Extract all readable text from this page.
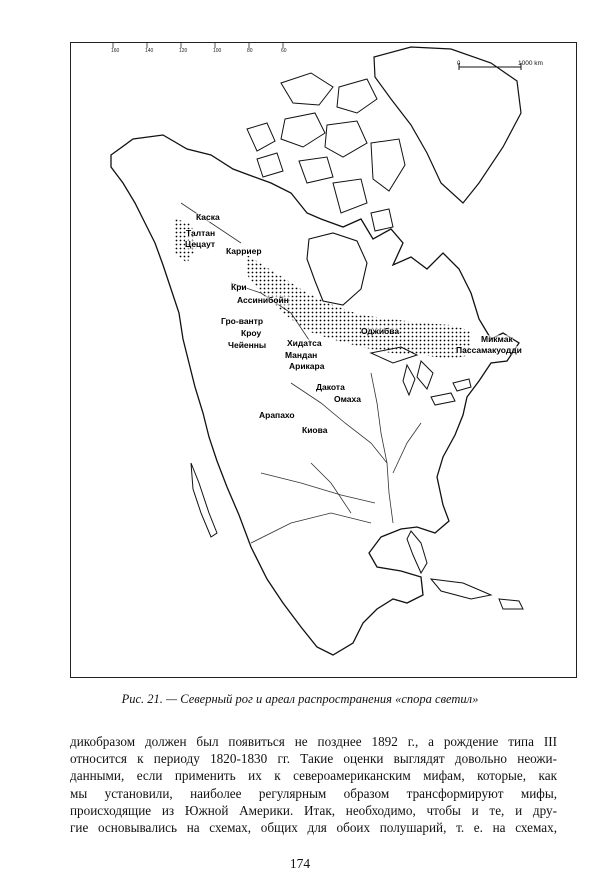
160	140	120	100	80	60
0	1000 km
Каска
Талтан
Цецаут
Карриер
Кри
Ассинибойн
Гро-вантр
Кроу
Чейенны Хидатса
Мандан
Арикара
Оджибва
Микмак
Пассамакуодди
Дакота
Омаха
Арапахо
Киова
Рис. 21. — Северный рог и ареал распространения «спора светил»
дикобразом должен был появиться не позднее 1892 г., а рождение типа III
относится к периоду 1820-1830 гг. Такие оценки выглядят довольно неожи-
данными, если применить их к североамериканским мифам, которые, как
мы установили, наиболее регулярным образом трансформируют мифы,
происходящие из Южной Америки. Итак, необходимо, чтобы и те, и дру-
гие основывались на схемах, общих для обоих полушарий, т. е. на схемах,
174
